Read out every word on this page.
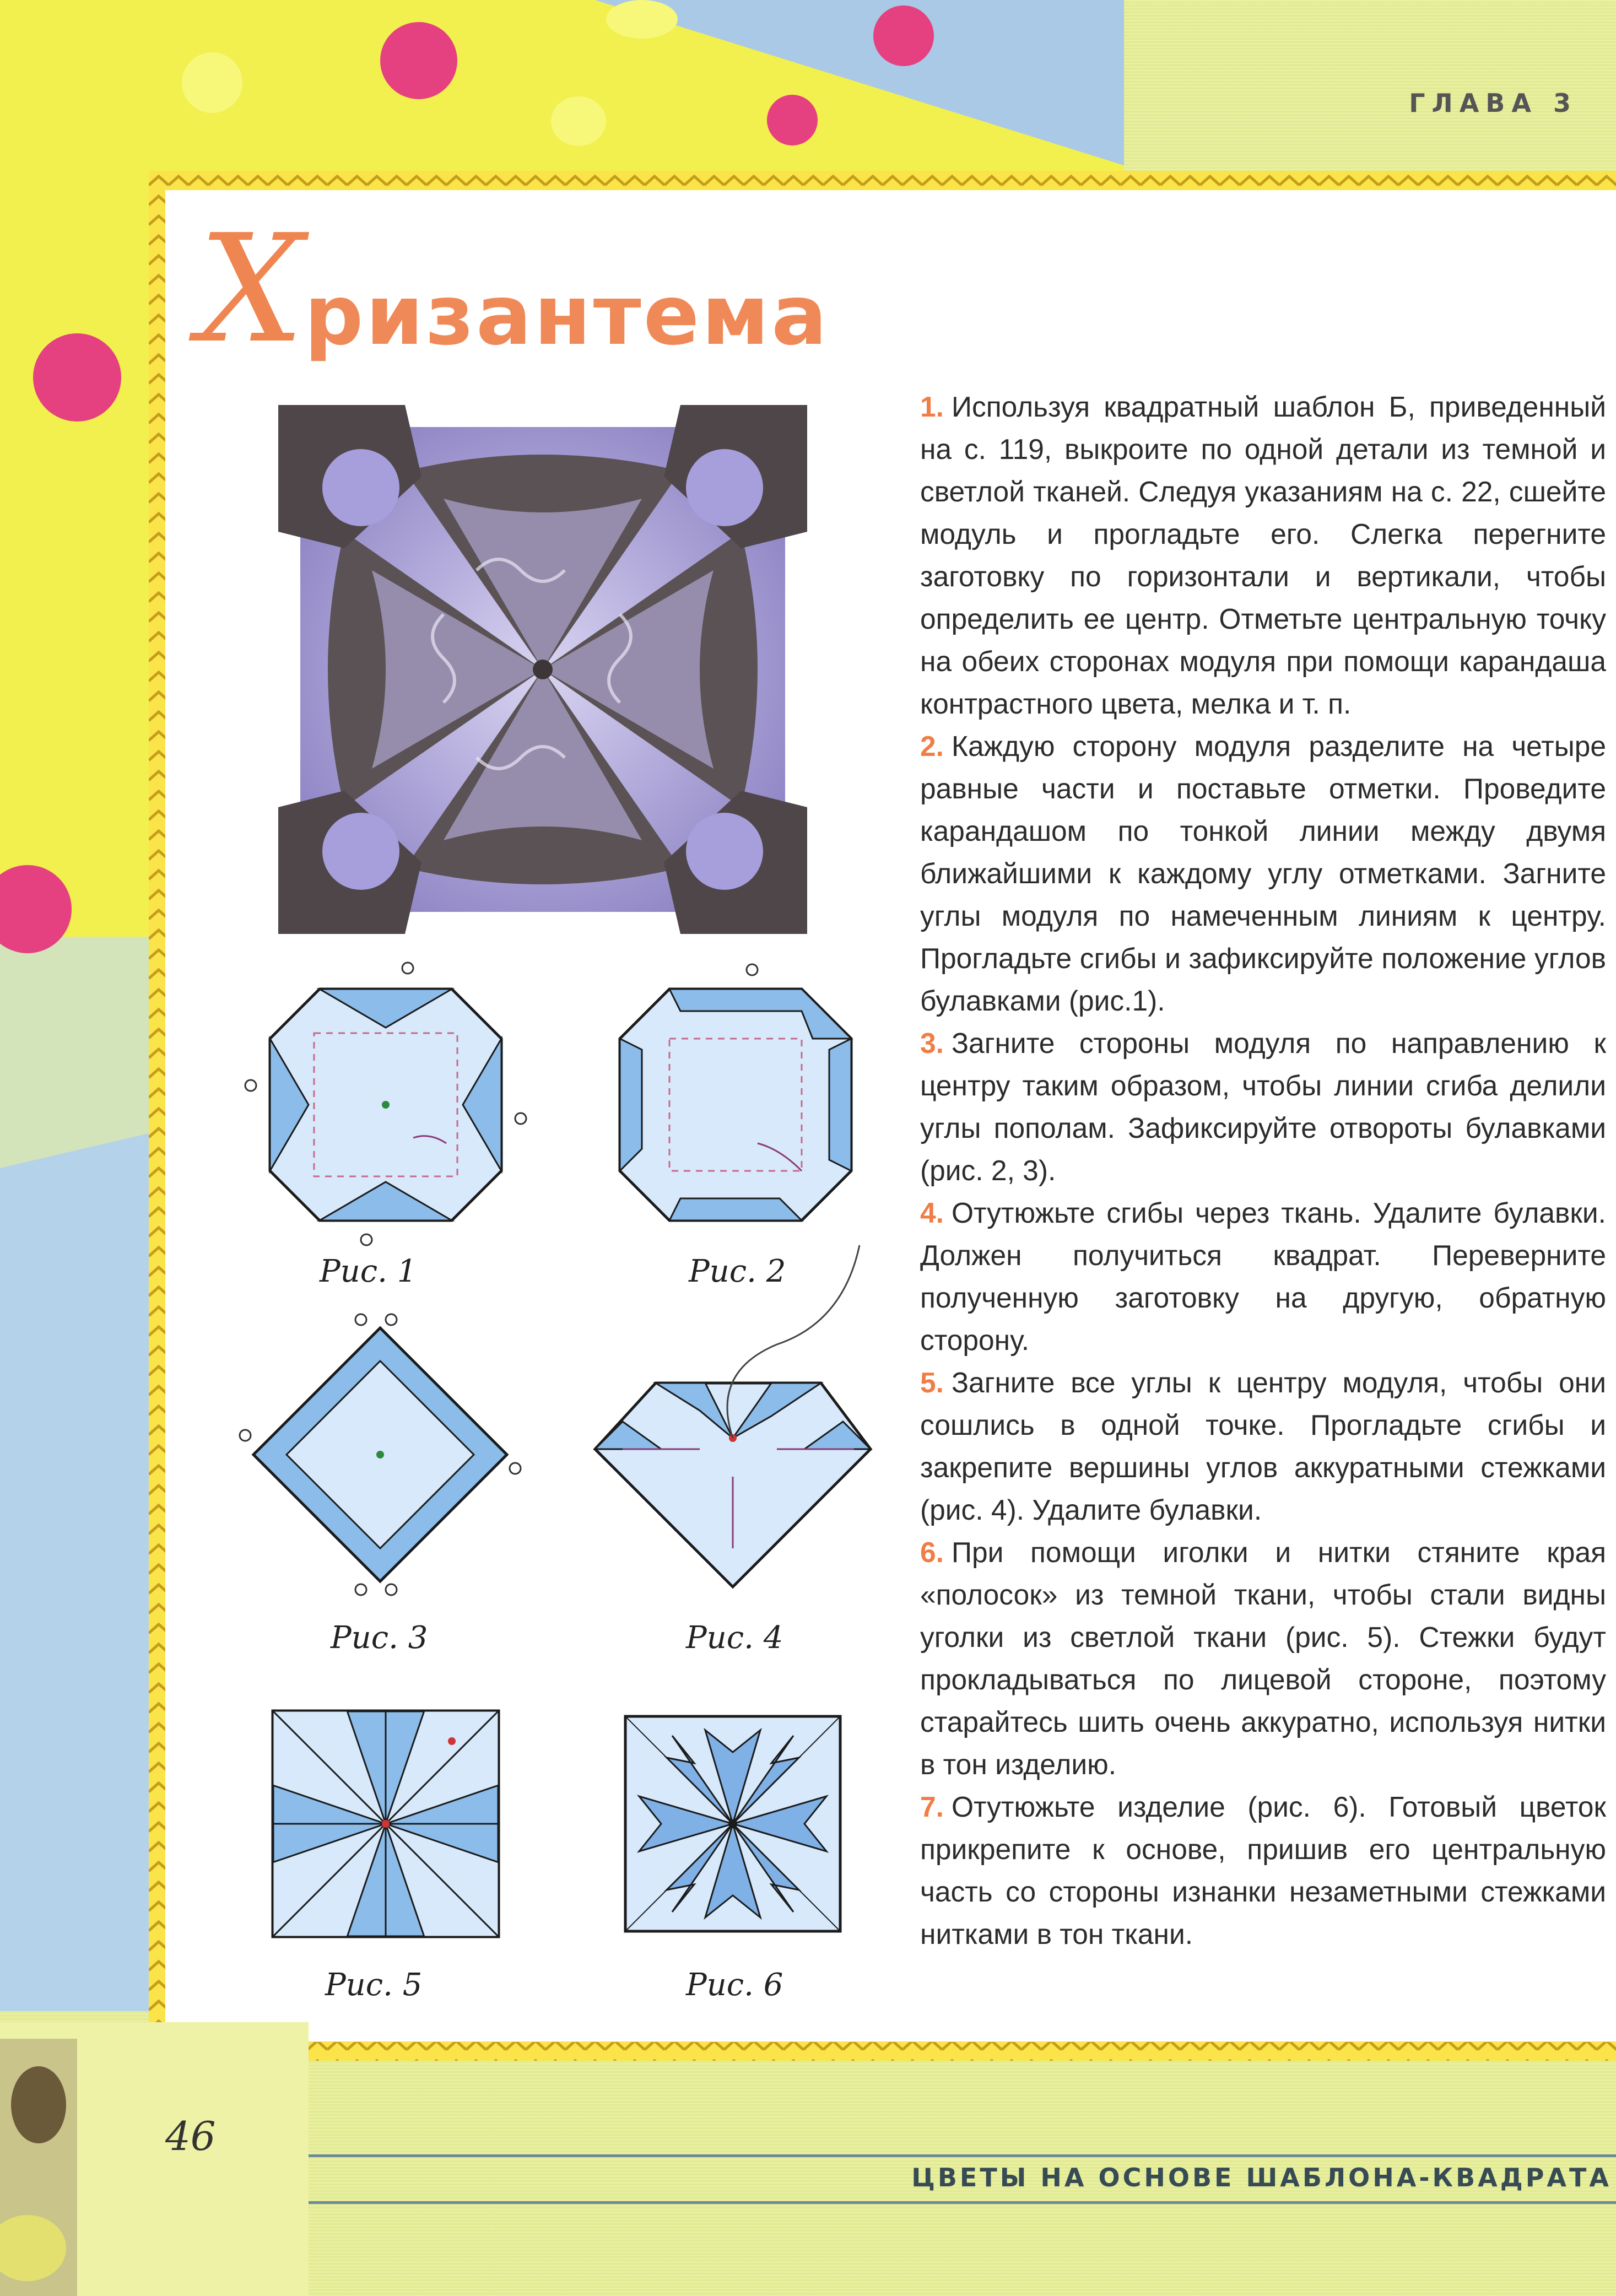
ГЛАВА 3
Хризантема
Рис. 1	Рис. 2
Рис. 3	Рис. 4
Рис. 5	Рис. 6

1. Используя квадратный шаблон Б, приведенный на с. 119, выкроите по одной детали из темной и светлой тканей. Следуя указаниям на с. 22, сшейте модуль и прогладьте его. Слегка перегните заготовку по горизонтали и вертикали, чтобы определить ее центр. Отметьте центральную точку на обеих сторонах модуля при помощи карандаша контрастного цвета, мелка и т. п.

2. Каждую сторону модуля разделите на четыре равные части и поставьте отметки. Проведите карандашом по тонкой линии между двумя ближайшими к каждому углу отметками. Загните углы модуля по намеченным линиям к центру. Прогладьте сгибы и зафиксируйте положение углов булавками (рис.1).

3. Загните стороны модуля по направлению к центру таким образом, чтобы линии сгиба делили углы пополам. Зафиксируйте отвороты булавками (рис. 2, 3).

4. Отутюжьте сгибы через ткань. Удалите булавки. Должен получиться квадрат. Переверните полученную заготовку на другую, обратную сторону.

5. Загните все углы к центру модуля, чтобы они сошлись в одной точке. Прогладьте сгибы и закрепите вершины углов аккуратными стежками (рис. 4). Удалите булавки.

6. При помощи иголки и нитки стяните края «полосок» из темной ткани, чтобы стали видны уголки из светлой ткани (рис. 5). Стежки будут прокладываться по лицевой стороне, поэтому старайтесь шить очень аккуратно, используя нитки в тон изделию.

7. Отутюжьте изделие (рис. 6). Готовый цветок прикрепите к основе, пришив его центральную часть со стороны изнанки незаметными стежками нитками в тон ткани.

46
ЦВЕТЫ НА ОСНОВЕ ШАБЛОНА-КВАДРАТА
